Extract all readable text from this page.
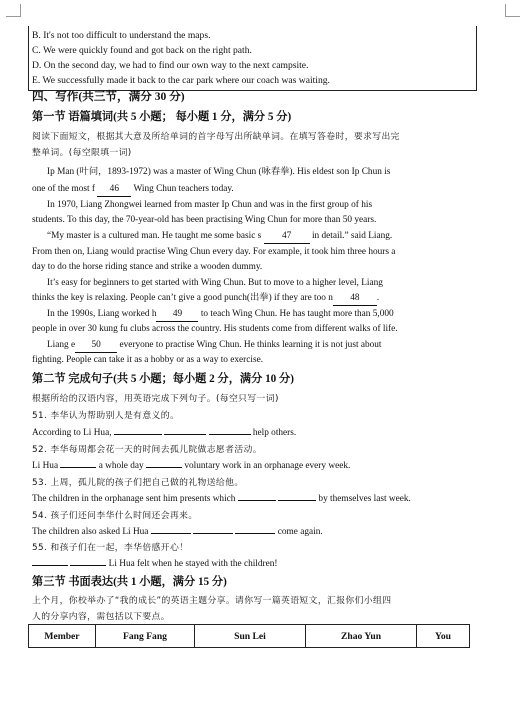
B. It's not too difficult to understand the maps.
C. We were quickly found and got back on the right path.
D. On the second day, we had to find our own way to the next campsite.
E. We successfully made it back to the car park where our coach was waiting.
四、写作(共三节，满分 30 分)
第一节 语篇填词(共 5 小题； 每小题 1 分，满分 5 分)
阅读下面短文，根据其大意及所给单词的首字母写出所缺单词。在填写答卷时，要求写出完
整单词。(每空限填一词)
Ip Man (叶问，1893-1972) was a master of Wing Chun (咏春拳). His eldest son Ip Chun is
one of the most f 46 Wing Chun teachers today.
In 1970, Liang Zhongwei learned from master Ip Chun and was in the first group of his
students. To this day, the 70-year-old has been practising Wing Chun for more than 50 years.
“My master is a cultured man. He taught me some basic s 47 in detail.” said Liang.
From then on, Liang would practise Wing Chun every day. For example, it took him three hours a
day to do the horse riding stance and strike a wooden dummy.
It’s easy for beginners to get started with Wing Chun. But to move to a higher level, Liang
thinks the key is relaxing. People can’t give a good punch(出拳) if they are too n 48 .
In the 1990s, Liang worked h 49 to teach Wing Chun. He has taught more than 5,000
people in over 30 kung fu clubs across the country. His students come from different walks of life.
Liang e 50 everyone to practise Wing Chun. He thinks learning it is not just about
fighting. People can take it as a hobby or as a way to exercise.
第二节 完成句子(共 5 小题；每小题 2 分，满分 10 分)
根据所给的汉语内容，用英语完成下列句子。(每空只写一词)
51. 李华认为帮助别人是有意义的。
According to Li Hua,	help others.
52. 李华每周都会花一天的时间去孤儿院做志愿者活动。
Li Hua	a whole day	voluntary work in an orphanage every week.
53. 上周，孤儿院的孩子们把自己做的礼物送给他。
The children in the orphanage sent him presents which	by themselves last week.
54. 孩子们还问李华什么时间还会再来。
The children also asked Li Hua	come again.
55. 和孩子们在一起，李华倍感开心！
Li Hua felt when he stayed with the children!
第三节 书面表达(共 1 小题，满分 15 分)
上个月，你校举办了“我的成长”的英语主题分享。请你写一篇英语短文，汇报你们小组四
人的分享内容，需包括以下要点。
Member	Fang Fang	Sun Lei	Zhao Yun	You
